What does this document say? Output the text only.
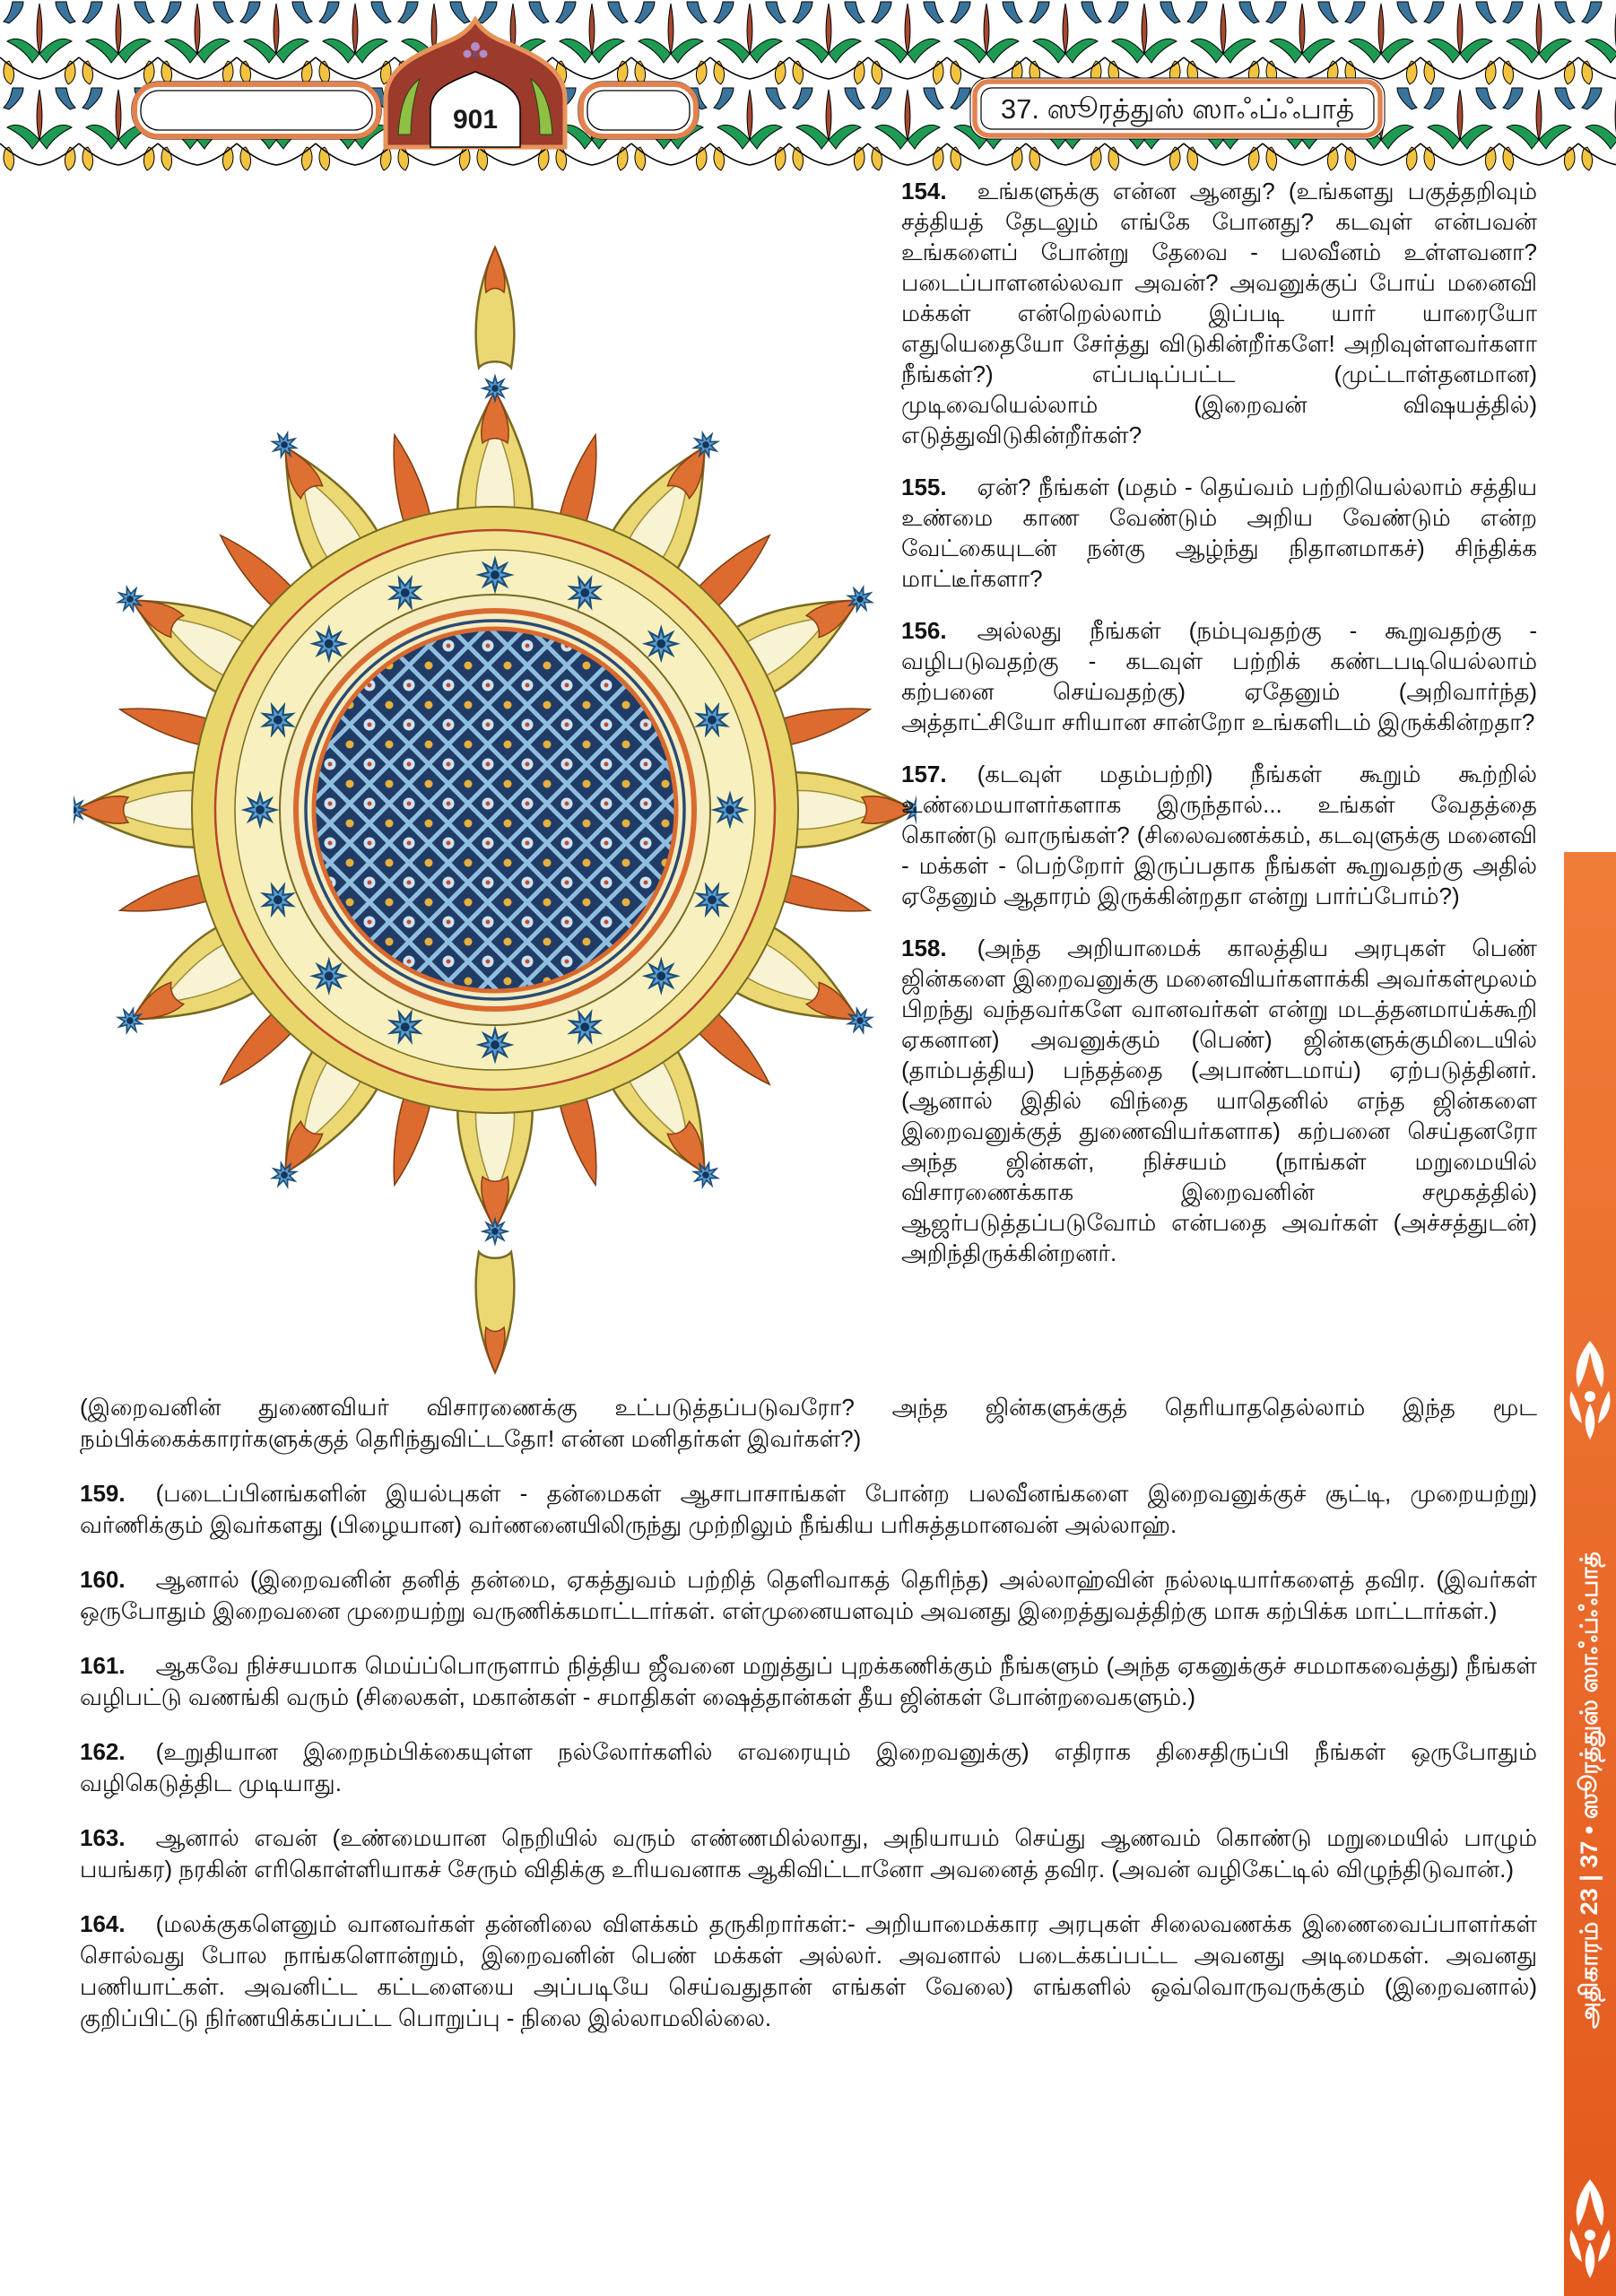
901	37. ஸூரத்துஸ் ஸாஃப்ஃபாத்

154. உங்களுக்கு என்ன ஆனது? (உங்களது பகுத்தறிவும் சத்தியத் தேடலும் எங்கே போனது? கடவுள் என்பவன் உங்களைப் போன்று தேவை - பலவீனம் உள்ளவனா? படைப்பாளனல்லவா அவன்? அவனுக்குப் போய் மனைவி மக்கள் என்றெல்லாம் இப்படி யார் யாரையோ எதுயெதையோ சேர்த்து விடுகின்றீர்களே! அறிவுள்ளவர்களா நீங்கள்?) எப்படிப்பட்ட (முட்டாள்தனமான) முடிவையெல்லாம் (இறைவன் விஷயத்தில்) எடுத்துவிடுகின்றீர்கள்?

155. ஏன்? நீங்கள் (மதம் - தெய்வம் பற்றியெல்லாம் சத்திய உண்மை காண வேண்டும் அறிய வேண்டும் என்ற வேட்கையுடன் நன்கு ஆழ்ந்து நிதானமாகச்) சிந்திக்க மாட்டீர்களா?

156. அல்லது நீங்கள் (நம்புவதற்கு - கூறுவதற்கு - வழிபடுவதற்கு - கடவுள் பற்றிக் கண்டபடியெல்லாம் கற்பனை செய்வதற்கு) ஏதேனும் (அறிவார்ந்த) அத்தாட்சியோ சரியான சான்றோ உங்களிடம் இருக்கின்றதா?

157. (கடவுள் மதம்பற்றி) நீங்கள் கூறும் கூற்றில் உண்மையாளர்களாக இருந்தால்... உங்கள் வேதத்தை கொண்டு வாருங்கள்? (சிலைவணக்கம், கடவுளுக்கு மனைவி - மக்கள் - பெற்றோர் இருப்பதாக நீங்கள் கூறுவதற்கு அதில் ஏதேனும் ஆதாரம் இருக்கின்றதா என்று பார்ப்போம்?)

158. (அந்த அறியாமைக் காலத்திய அரபுகள் பெண் ஜின்களை இறைவனுக்கு மனைவியர்களாக்கி அவர்கள்மூலம் பிறந்து வந்தவர்களே வானவர்கள் என்று மடத்தனமாய்க்கூறி ஏகனான) அவனுக்கும் (பெண்) ஜின்களுக்குமிடையில் (தாம்பத்திய) பந்தத்தை (அபாண்டமாய்) ஏற்படுத்தினர். (ஆனால் இதில் விந்தை யாதெனில் எந்த ஜின்களை இறைவனுக்குத் துணைவியர்களாக) கற்பனை செய்தனரோ அந்த ஜின்கள், நிச்சயம் (நாங்கள் மறுமையில் விசாரணைக்காக இறைவனின் சமூகத்தில்) ஆஜர்படுத்தப்படுவோம் என்பதை அவர்கள் (அச்சத்துடன்) அறிந்திருக்கின்றனர்.

(இறைவனின் துணைவியர் விசாரணைக்கு உட்படுத்தப்படுவரோ? அந்த ஜின்களுக்குத் தெரியாததெல்லாம் இந்த மூட நம்பிக்கைக்காரர்களுக்குத் தெரிந்துவிட்டதோ! என்ன மனிதர்கள் இவர்கள்?)

159. (படைப்பினங்களின் இயல்புகள் - தன்மைகள் ஆசாபாசாங்கள் போன்ற பலவீனங்களை இறைவனுக்குச் சூட்டி, முறையற்று) வர்ணிக்கும் இவர்களது (பிழையான) வர்ணனையிலிருந்து முற்றிலும் நீங்கிய பரிசுத்தமானவன் அல்லாஹ்.

160. ஆனால் (இறைவனின் தனித் தன்மை, ஏகத்துவம் பற்றித் தெளிவாகத் தெரிந்த) அல்லாஹ்வின் நல்லடியார்களைத் தவிர. (இவர்கள் ஒருபோதும் இறைவனை முறையற்று வருணிக்கமாட்டார்கள். எள்முனையளவும் அவனது இறைத்துவத்திற்கு மாசு கற்பிக்க மாட்டார்கள்.)

161. ஆகவே நிச்சயமாக மெய்ப்பொருளாம் நித்திய ஜீவனை மறுத்துப் புறக்கணிக்கும் நீங்களும் (அந்த ஏகனுக்குச் சமமாகவைத்து) நீங்கள் வழிபட்டு வணங்கி வரும் (சிலைகள், மகான்கள் - சமாதிகள் ஷைத்தான்கள் தீய ஜின்கள் போன்றவைகளும்.)

162. (உறுதியான இறைநம்பிக்கையுள்ள நல்லோர்களில் எவரையும் இறைவனுக்கு) எதிராக திசைதிருப்பி நீங்கள் ஒருபோதும் வழிகெடுத்திட முடியாது.

163. ஆனால் எவன் (உண்மையான நெறியில் வரும் எண்ணமில்லாது, அநியாயம் செய்து ஆணவம் கொண்டு மறுமையில் பாழும் பயங்கர) நரகின் எரிகொள்ளியாகச் சேரும் விதிக்கு உரியவனாக ஆகிவிட்டானோ அவனைத் தவிர. (அவன் வழிகேட்டில் விழுந்திடுவான்.)

164. (மலக்குகளெனும் வானவர்கள் தன்னிலை விளக்கம் தருகிறார்கள்:- அறியாமைக்கார அரபுகள் சிலைவணக்க இணைவைப்பாளர்கள் சொல்வது போல நாங்களொன்றும், இறைவனின் பெண் மக்கள் அல்லர். அவனால் படைக்கப்பட்ட அவனது அடிமைகள். அவனது பணியாட்கள். அவனிட்ட கட்டளையை அப்படியே செய்வதுதான் எங்கள் வேலை) எங்களில் ஒவ்வொருவருக்கும் (இறைவனால்) குறிப்பிட்டு நிர்ணயிக்கப்பட்ட பொறுப்பு - நிலை இல்லாமலில்லை.	அதிகாரம் 23 | 37 • ஸூரத்துஸ் ஸாஃப்ஃபாத்
